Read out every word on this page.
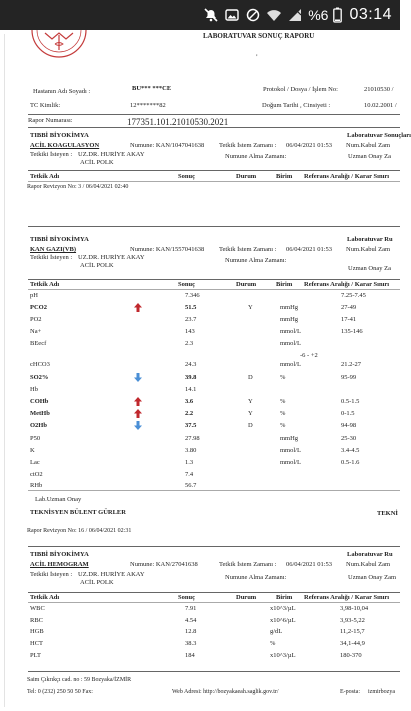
%6 03:14
LABORATUVAR SONUÇ RAPORU
,
Hastanın Adı Soyadı :	BU*** ***CE	Protokol / Dosya / İşlem No:	21010530 /
TC Kimlik:	12*******82	Doğum Tarihi , Cinsiyeti :	10.02.2001 /
Rapor Numarası:	177351.101.21010530.2021
TIBBİ BİYOKİMYA	Laboratuvar Sonuçları
ACİL KOAGULASYON	Numune: KAN/1047041638 Tetkik İstem Zamanı : 06/04/2021 01:53 Num.Kabul Zam
Tetkiki İsteyen : UZ.DR. HURİYE AKAY	Numune Alma Zamanı:	Uzman Onay Za
ACİL POLK
Tetkik Adı	Sonuç	Durum	Birim Referans Aralığı / Karar Sınırı
Rapor Revizyon No: 3 / 06/04/2021 02:40
TIBBİ BİYOKİMYA	Laboratuvar Ru
KAN GAZI(VB)	Numune: KAN/1557041638 Tetkik İstem Zamanı : 06/04/2021 01:53 Num.Kabul Zam
Tetkiki İsteyen : UZ.DR. HURİYE AKAY	Numune Alma Zamanı:
Uzman Onay Za
ACİL POLK
Tetkik Adı	Sonuç	Durum	Birim Referans Aralığı / Karar Sınırı
pH	7.346	7.25-7.45
PCO2	51.5	Y	mmHg	27-49
PO2	23.7	mmHg	17-41
Na+	143	mmol/L	135-146
BEecf	2.3	mmol/L
-6 - +2
cHCO3	24.3	mmol/L	21.2-27
SO2%	39.8	D	%	95-99
Hb	14.1
COHb	3.6	Y	%	0.5-1.5
MetHb	2.2	Y	%	0-1.5
O2Hb	37.5	D	%	94-98
P50	27.98	mmHg	25-30
K	3.80	mmol/L	3.4-4.5
Lac	1.3	mmol/L	0.5-1.6
ctO2	7.4
RHb	56.7
Lab.Uzman Onay
TEKNİSYEN BÜLENT GÜRLER	TEKNİ
Rapor Revizyon No: 16 / 06/04/2021 02:31
TIBBİ BİYOKİMYA	Laboratuvar Ru
ACİL HEMOGRAM	Numune: KAN/27041638	Tetkik İstem Zamanı : 06/04/2021 01:53 Num.Kabul Zam
Tetkiki İsteyen : UZ.DR. HURİYE AKAY	Numune Alma Zamanı:	Uzman Onay Zam
ACİL POLK
Tetkik Adı	Sonuç	Durum	Birim Referans Aralığı / Karar Sınırı
WBC	7.91	x10^3/µL	3,98-10,04
RBC	4.54	x10^6/µL	3,93-5,22
HGB	12.8	g/dL	11,2-15,7
HCT	38.3	%	34,1-44,9
PLT	184	x10^3/µL	180-370
Saim Çıkrıkçı cad. no : 59 Bozyaka/İZMİR
Tel: 0 (232) 250 50 50 Fax:	Web Adresi: http://bozyakaeah.saglik.gov.tr/	E-posta: izmirbozya
